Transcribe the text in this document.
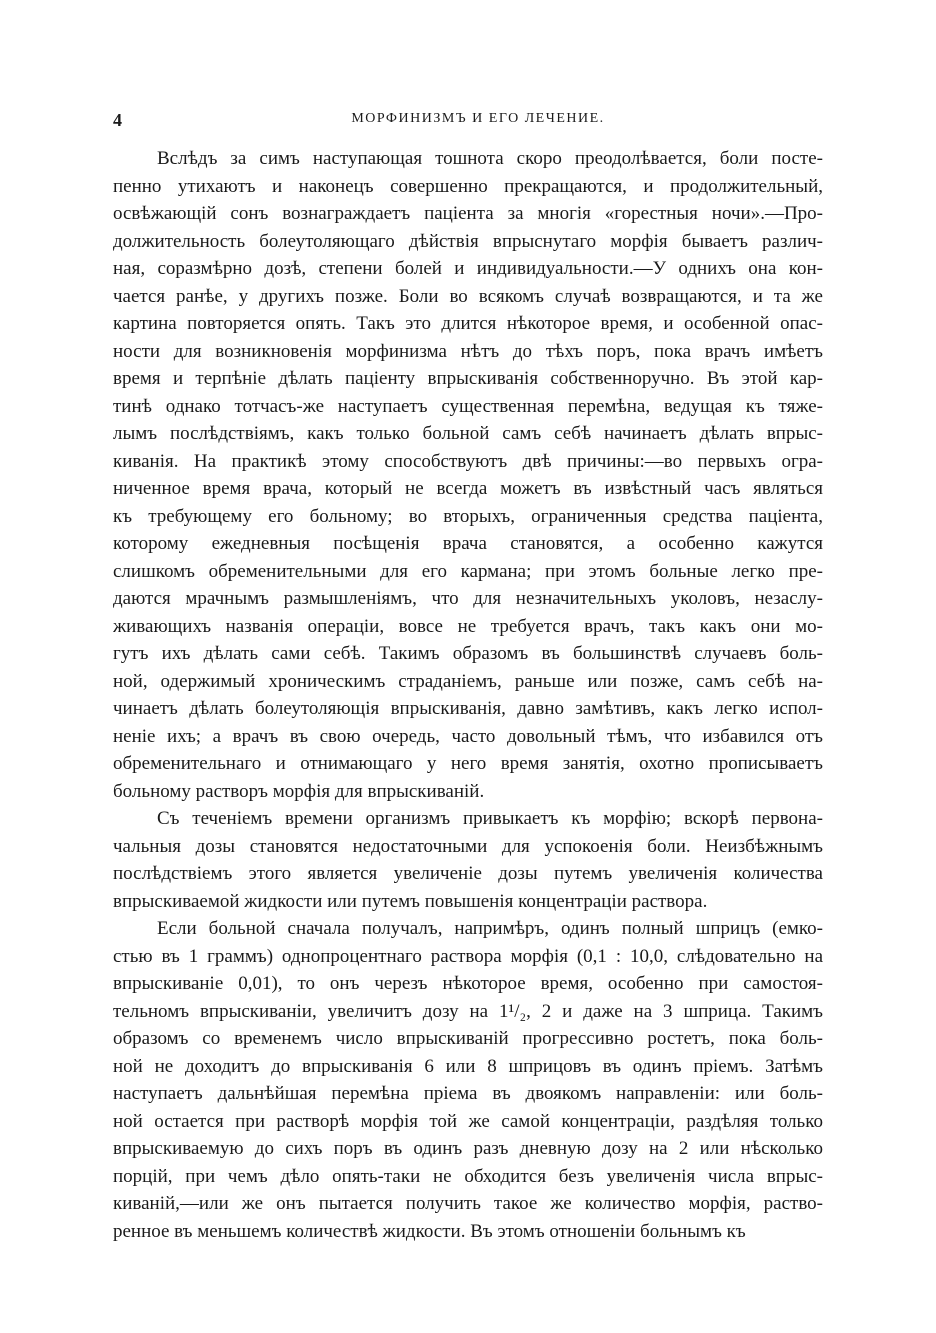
4	МОРФИНИЗМЪ И ЕГО ЛЕЧЕНИЕ.
Вслѣдъ за симъ наступающая тошнота скоро преодолѣвается, боли посте-
пенно утихаютъ и наконецъ совершенно прекращаются, и продолжительный,
освѣжающій сонъ вознаграждаетъ пацiента за многія «горестныя ночи».—Про-
должительность болеутоляющаго дѣйствія впрыснутаго морфія бываетъ различ-
ная, соразмѣрно дозѣ, степени болей и индивидуальности.—У однихъ она кон-
чается ранѣе, у другихъ позже. Боли во всякомъ случаѣ возвращаются, и та же
картина повторяется опять. Такъ это длится нѣкоторое время, и особенной опас-
ности для возникновенія морфинизма нѣтъ до тѣхъ поръ, пока врачъ имѣетъ
время и терпѣніе дѣлать пацiенту впрыскиванія собственноручно. Въ этой кар-
тинѣ однако тотчасъ-же наступаетъ существенная перемѣна, ведущая къ тяже-
лымъ послѣдствіямъ, какъ только больной самъ себѣ начинаетъ дѣлать впрыс-
киванія. На практикѣ этому способствуютъ двѣ причины:—во первыхъ огра-
ниченное время врача, который не всегда можетъ въ извѣстный часъ являться
къ требующему его больному; во вторыхъ, ограниченныя средства пацiента,
которому ежедневныя посѣщенія врача становятся, а особенно кажутся
слишкомъ обременительными для его кармана; при этомъ больные легко пре-
даются мрачнымъ размышленіямъ, что для незначительныхъ уколовъ, незаслу-
живающихъ названія операціи, вовсе не требуется врачъ, такъ какъ они мо-
гутъ ихъ дѣлать сами себѣ. Такимъ образомъ въ большинствѣ случаевъ боль-
ной, одержимый хроническимъ страданіемъ, раньше или позже, самъ себѣ на-
чинаетъ дѣлать болеутоляющія впрыскиванія, давно замѣтивъ, какъ легко испол-
неніе ихъ; а врачъ въ свою очередь, часто довольный тѣмъ, что избавился отъ
обременительнаго и отнимающаго у него время занятія, охотно прописываетъ
больному растворъ морфія для впрыскиваній.
Съ теченіемъ времени организмъ привыкаетъ къ морфію; вскорѣ первона-
чальныя дозы становятся недостаточными для успокоенія боли. Неизбѣжнымъ
послѣдствіемъ этого является увеличеніе дозы путемъ увеличенія количества
впрыскиваемой жидкости или путемъ повышенія концентраціи раствора.
Если больной сначала получалъ, напримѣръ, одинъ полный шприцъ (емко-
стью въ 1 граммъ) однопроцентнаго раствора морфія (0,1 : 10,0, слѣдовательно на
впрыскиваніе 0,01), то онъ черезъ нѣкоторое время, особенно при самостоя-
тельномъ впрыскиваніи, увеличитъ дозу на 1¹/₂, 2 и даже на 3 шприца. Такимъ
образомъ со временемъ число впрыскиваній прогрессивно ростетъ, пока боль-
ной не доходитъ до впрыскиванія 6 или 8 шприцовъ въ одинъ пріемъ. Затѣмъ
наступаетъ дальнѣйшая перемѣна пріема въ двоякомъ направленіи: или боль-
ной остается при растворѣ морфія той же самой концентраціи, раздѣляя только
впрыскиваемую до сихъ поръ въ одинъ разъ дневную дозу на 2 или нѣсколько
порцій, при чемъ дѣло опять-таки не обходится безъ увеличенія числа впрыс-
киваній,—или же онъ пытается получить такое же количество морфія, раство-
ренное въ меньшемъ количествѣ жидкости. Въ этомъ отношеніи больнымъ къ
